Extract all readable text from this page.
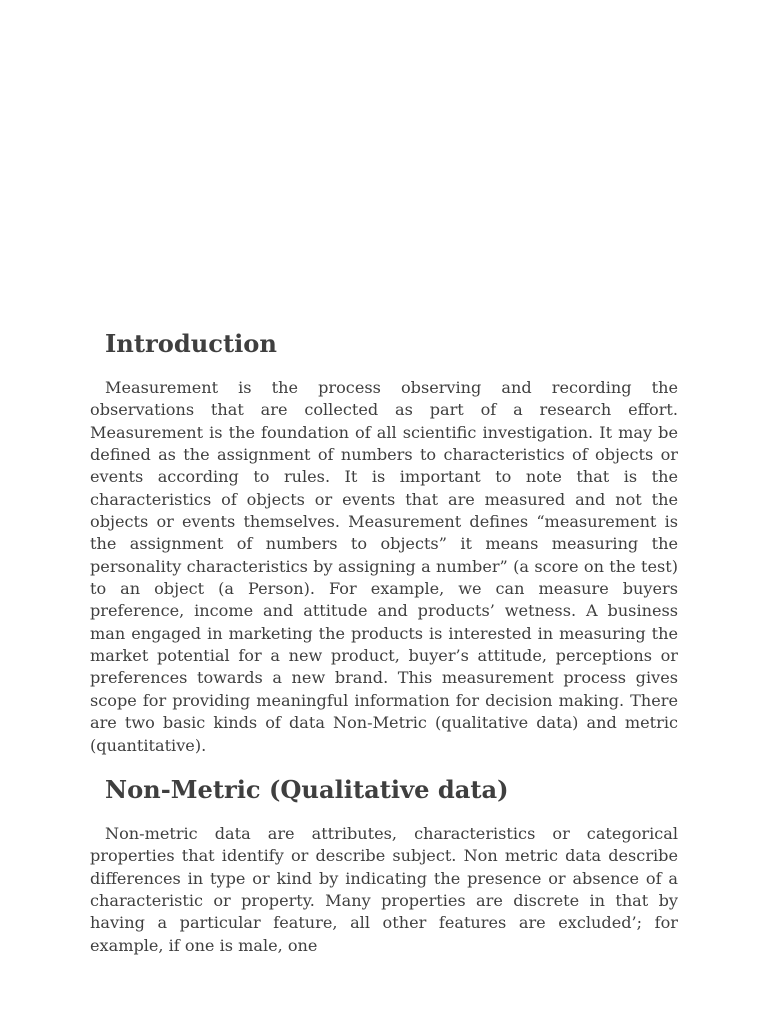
Introduction

Measurement is the process observing and recording the observations that are collected as part of a research effort. Measurement is the foundation of all scientific investigation. It may be defined as the assignment of numbers to characteristics of objects or events according to rules. It is important to note that is the characteristics of objects or events that are measured and not the objects or events themselves. Measurement defines “measurement is the assignment of numbers to objects” it means measuring the personality characteristics by assigning a number” (a score on the test) to an object (a Person). For example, we can measure buyers preference, income and attitude and products’ wetness. A business man engaged in marketing the products is interested in measuring the market potential for a new product, buyer’s attitude, perceptions or preferences towards a new brand. This measurement process gives scope for providing meaningful information for decision making. There are two basic kinds of data Non-Metric (qualitative data) and metric (quantitative).

Non-Metric (Qualitative data)

Non-metric data are attributes, characteristics or categorical properties that identify or describe subject. Non metric data describe differences in type or kind by indicating the presence or absence of a characteristic or property. Many properties are discrete in that by having a particular feature, all other features are excluded’; for example, if one is male, one
